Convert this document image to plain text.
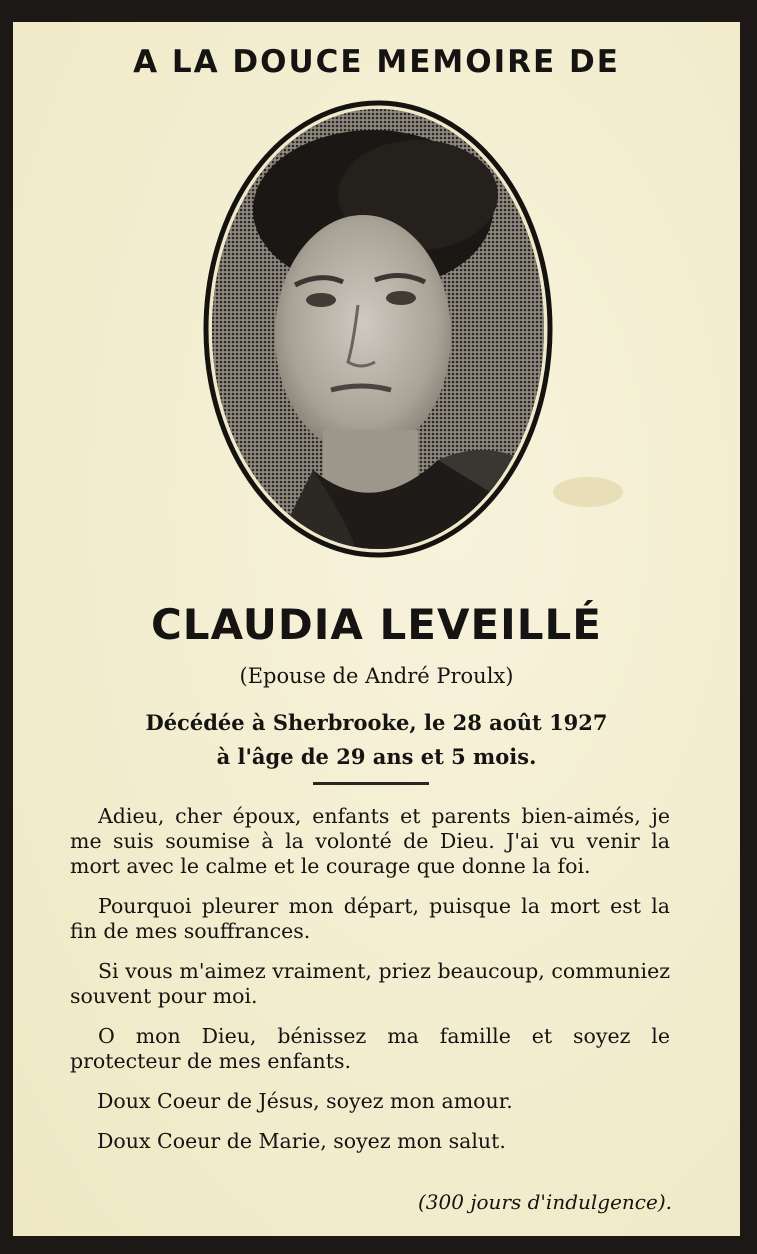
A LA DOUCE MEMOIRE DE
CLAUDIA LEVEILLÉ
(Epouse de André Proulx)
Décédée à Sherbrooke, le 28 août 1927
à l'âge de 29 ans et 5 mois.

Adieu, cher époux, enfants et parents bien-aimés, je me suis soumise à la volonté de Dieu. J'ai vu venir la mort avec le calme et le courage que donne la foi.

Pourquoi pleurer mon départ, puisque la mort est la fin de mes souffrances.

Si vous m'aimez vraiment, priez beaucoup, communiez souvent pour moi.

O mon Dieu, bénissez ma famille et soyez le protecteur de mes enfants.

Doux Coeur de Jésus, soyez mon amour.

Doux Coeur de Marie, soyez mon salut.

(300 jours d'indulgence).
